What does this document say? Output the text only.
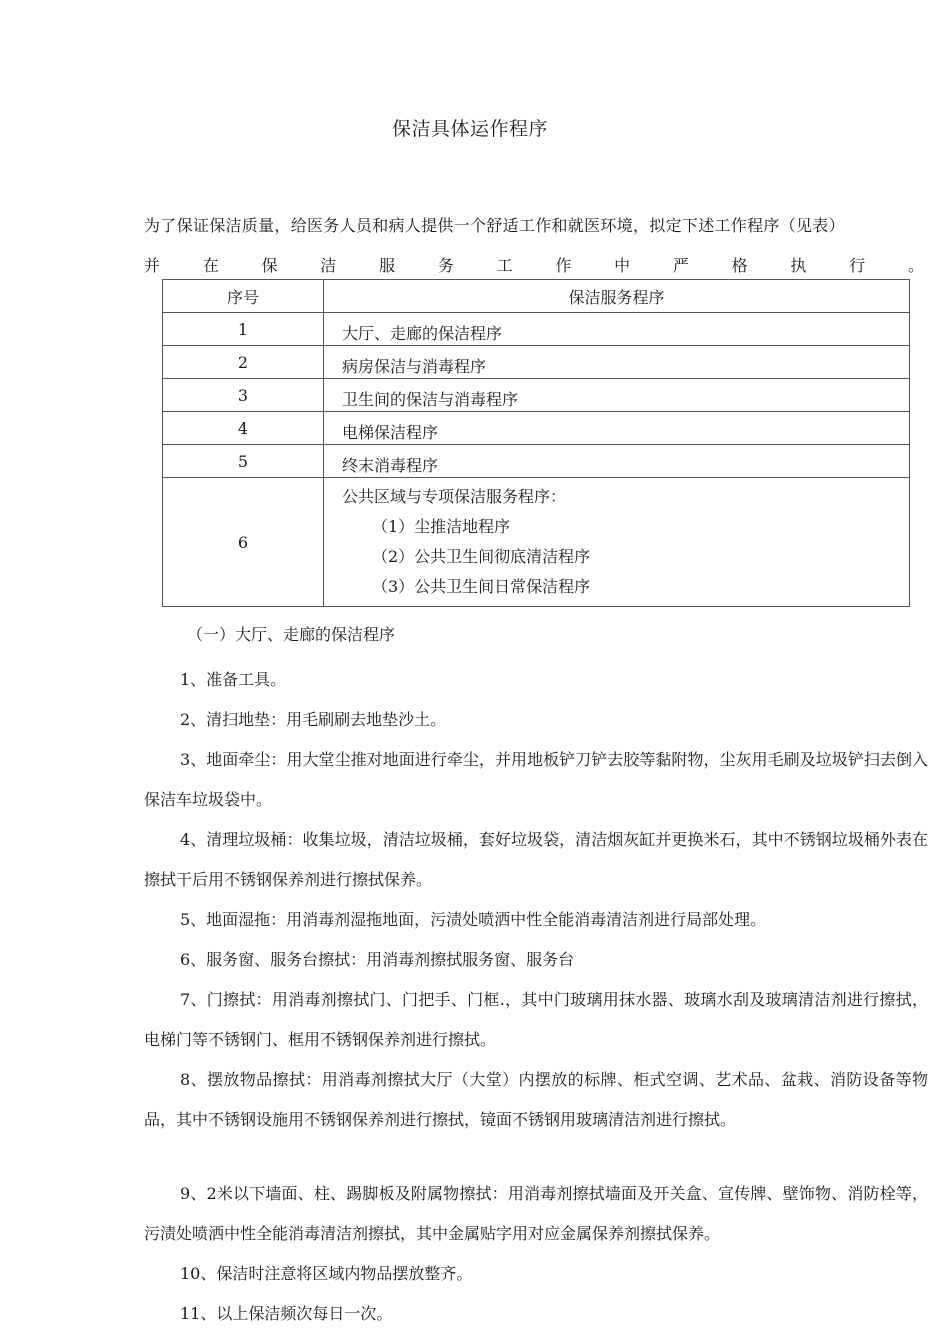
保洁具体运作程序
为了保证保洁质量，给医务人员和病人提供一个舒适工作和就医环境，拟定下述工作程序（见表）
并	在	保	洁	服	务	工	作	中	严	格	执	行	。
序号	保洁服务程序
1	大厅、走廊的保洁程序
2	病房保洁与消毒程序
3	卫生间的保洁与消毒程序
4	电梯保洁程序
5	终末消毒程序
6	公共区域与专项保洁服务程序：
（1）尘推洁地程序
（2）公共卫生间彻底清洁程序
（3）公共卫生间日常保洁程序
（一）大厅、走廊的保洁程序

1、准备工具。

2、清扫地垫：用毛刷刷去地垫沙土。

3、地面牵尘：用大堂尘推对地面进行牵尘，并用地板铲刀铲去胶等黏附物，尘灰用毛刷及垃圾铲扫去倒入保洁车垃圾袋中。

4、清理垃圾桶：收集垃圾，清洁垃圾桶，套好垃圾袋，清洁烟灰缸并更换米石，其中不锈钢垃圾桶外表在擦拭干后用不锈钢保养剂进行擦拭保养。

5、地面湿拖：用消毒剂湿拖地面，污渍处喷洒中性全能消毒清洁剂进行局部处理。

6、服务窗、服务台擦拭：用消毒剂擦拭服务窗、服务台

7、门擦拭：用消毒剂擦拭门、门把手、门框.，其中门玻璃用抹水器、玻璃水刮及玻璃清洁剂进行擦拭，电梯门等不锈钢门、框用不锈钢保养剂进行擦拭。

8、摆放物品擦拭：用消毒剂擦拭大厅（大堂）内摆放的标牌、柜式空调、艺术品、盆栽、消防设备等物品，其中不锈钢设施用不锈钢保养剂进行擦拭，镜面不锈钢用玻璃清洁剂进行擦拭。

9、2米以下墙面、柱、踢脚板及附属物擦拭：用消毒剂擦拭墙面及开关盒、宣传牌、壁饰物、消防栓等，污渍处喷洒中性全能消毒清洁剂擦拭，其中金属贴字用对应金属保养剂擦拭保养。

10、保洁时注意将区域内物品摆放整齐。

11、以上保洁频次每日一次。
